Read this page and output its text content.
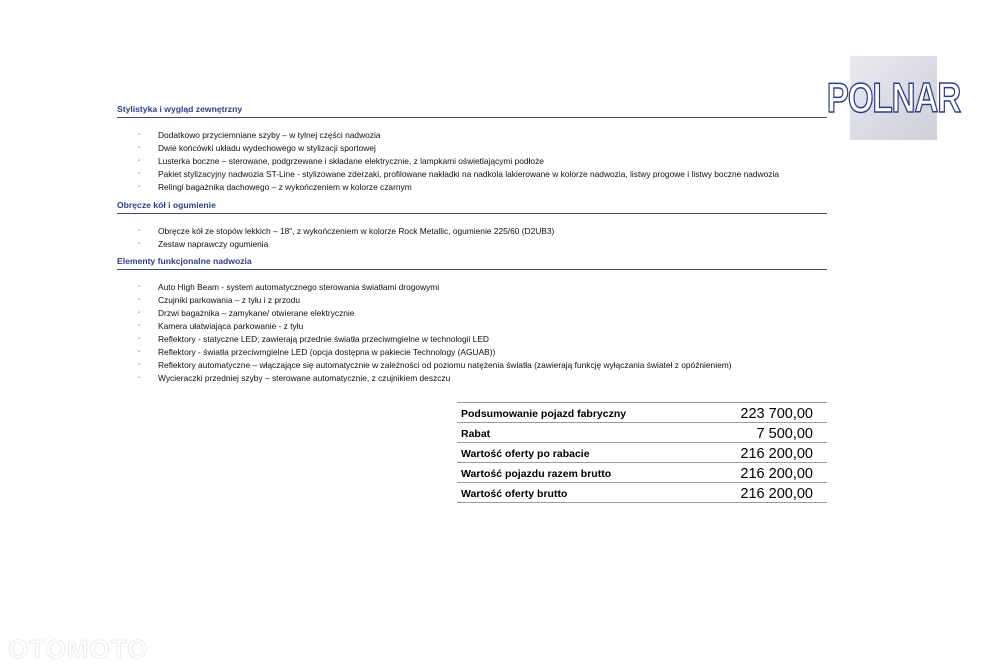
POLNAR
Stylistyka i wygląd zewnętrzny
▪ Dodatkowo przyciemniane szyby – w tylnej części nadwozia
▪ Dwie końcówki układu wydechowego w stylizacji sportowej
▪ Lusterka boczne – sterowane, podgrzewane i składane elektrycznie, z lampkami oświetlającymi podłoże
▪ Pakiet stylizacyjny nadwozia ST-Line - stylizowane zderzaki, profilowane nakładki na nadkola lakierowane w kolorze nadwozia, listwy progowe i listwy boczne nadwozia
▪ Relingi bagażnika dachowego – z wykończeniem w kolorze czarnym
Obręcze kół i ogumienie
▪ Obręcze kół ze stopów lekkich – 18", z wykończeniem w kolorze Rock Metallic, ogumienie 225/60 (D2UB3)
▪ Zestaw naprawczy ogumienia
Elementy funkcjonalne nadwozia
▪ Auto High Beam - system automatycznego sterowania światłami drogowymi
▪ Czujniki parkowania – z tyłu i z przodu
▪ Drzwi bagażnika – zamykane/ otwierane elektrycznie
▪ Kamera ułatwiająca parkowanie - z tyłu
▪ Reflektory - statyczne LED; zawierają przednie światła przeciwmgielne w technologii LED
▪ Reflektory - światła przeciwmgielne LED (opcja dostępna w pakiecie Technology (AGUAB))
▪ Reflektory automatyczne – włączające się automatycznie w zależności od poziomu natężenia światła (zawierają funkcję wyłączania świateł z opóźnieniem)
▪ Wycieraczki przedniej szyby – sterowane automatycznie, z czujnikiem deszczu
Podsumowanie pojazd fabryczny	223 700,00
Rabat	7 500,00
Wartość oferty po rabacie	216 200,00
Wartość pojazdu razem brutto	216 200,00
Wartość oferty brutto	216 200,00
OTOMOTO
